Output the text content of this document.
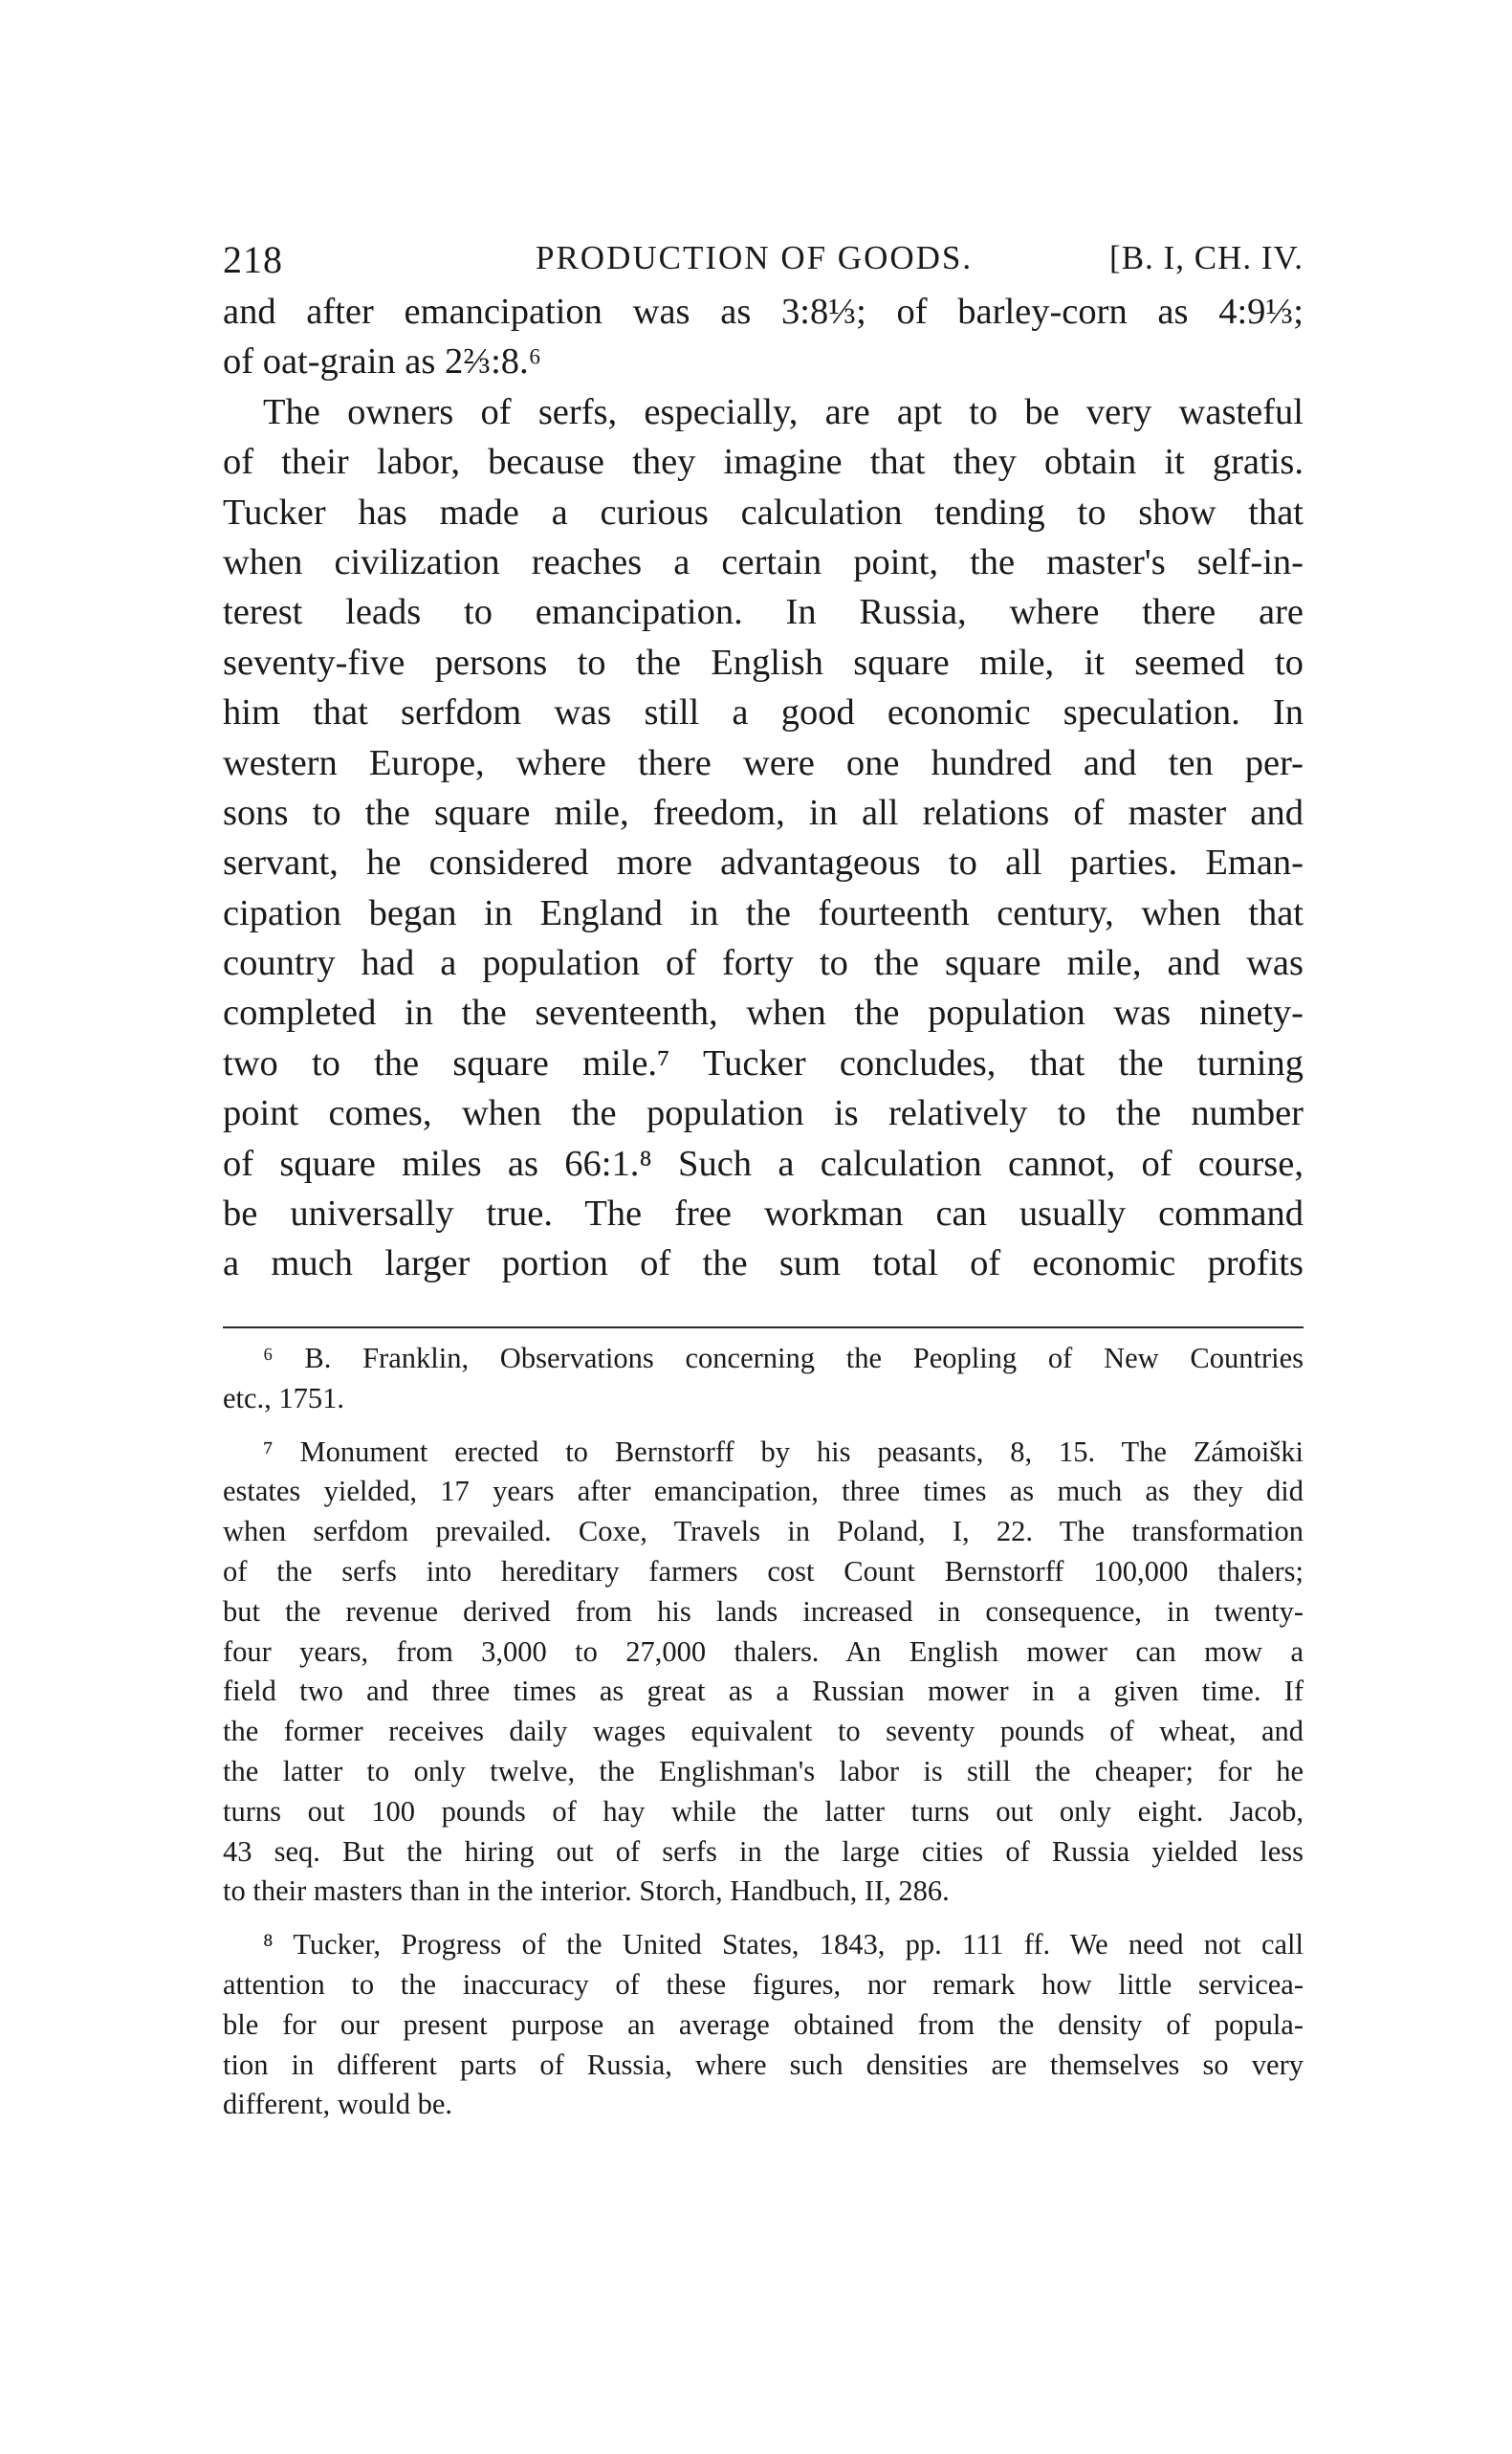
218	PRODUCTION OF GOODS.	[B. I, CH. IV.
and after emancipation was as 3:8⅓; of barley-corn as 4:9⅓;
of oat-grain as 2⅔:8.⁶
The owners of serfs, especially, are apt to be very wasteful
of their labor, because they imagine that they obtain it gratis.
Tucker has made a curious calculation tending to show that
when civilization reaches a certain point, the master's self-in-
terest leads to emancipation. In Russia, where there are
seventy-five persons to the English square mile, it seemed to
him that serfdom was still a good economic speculation. In
western Europe, where there were one hundred and ten per-
sons to the square mile, freedom, in all relations of master and
servant, he considered more advantageous to all parties. Eman-
cipation began in England in the fourteenth century, when that
country had a population of forty to the square mile, and was
completed in the seventeenth, when the population was ninety-
two to the square mile.⁷ Tucker concludes, that the turning
point comes, when the population is relatively to the number
of square miles as 66:1.⁸ Such a calculation cannot, of course,
be universally true. The free workman can usually command
a much larger portion of the sum total of economic profits
⁶ B. Franklin, Observations concerning the Peopling of New Countries
etc., 1751.
⁷ Monument erected to Bernstorff by his peasants, 8, 15. The Zámoiški
estates yielded, 17 years after emancipation, three times as much as they did
when serfdom prevailed. Coxe, Travels in Poland, I, 22. The transformation
of the serfs into hereditary farmers cost Count Bernstorff 100,000 thalers;
but the revenue derived from his lands increased in consequence, in twenty-
four years, from 3,000 to 27,000 thalers. An English mower can mow a
field two and three times as great as a Russian mower in a given time. If
the former receives daily wages equivalent to seventy pounds of wheat, and
the latter to only twelve, the Englishman's labor is still the cheaper; for he
turns out 100 pounds of hay while the latter turns out only eight. Jacob,
43 seq. But the hiring out of serfs in the large cities of Russia yielded less
to their masters than in the interior. Storch, Handbuch, II, 286.
⁸ Tucker, Progress of the United States, 1843, pp. 111 ff. We need not call
attention to the inaccuracy of these figures, nor remark how little servicea-
ble for our present purpose an average obtained from the density of popula-
tion in different parts of Russia, where such densities are themselves so very
different, would be.
